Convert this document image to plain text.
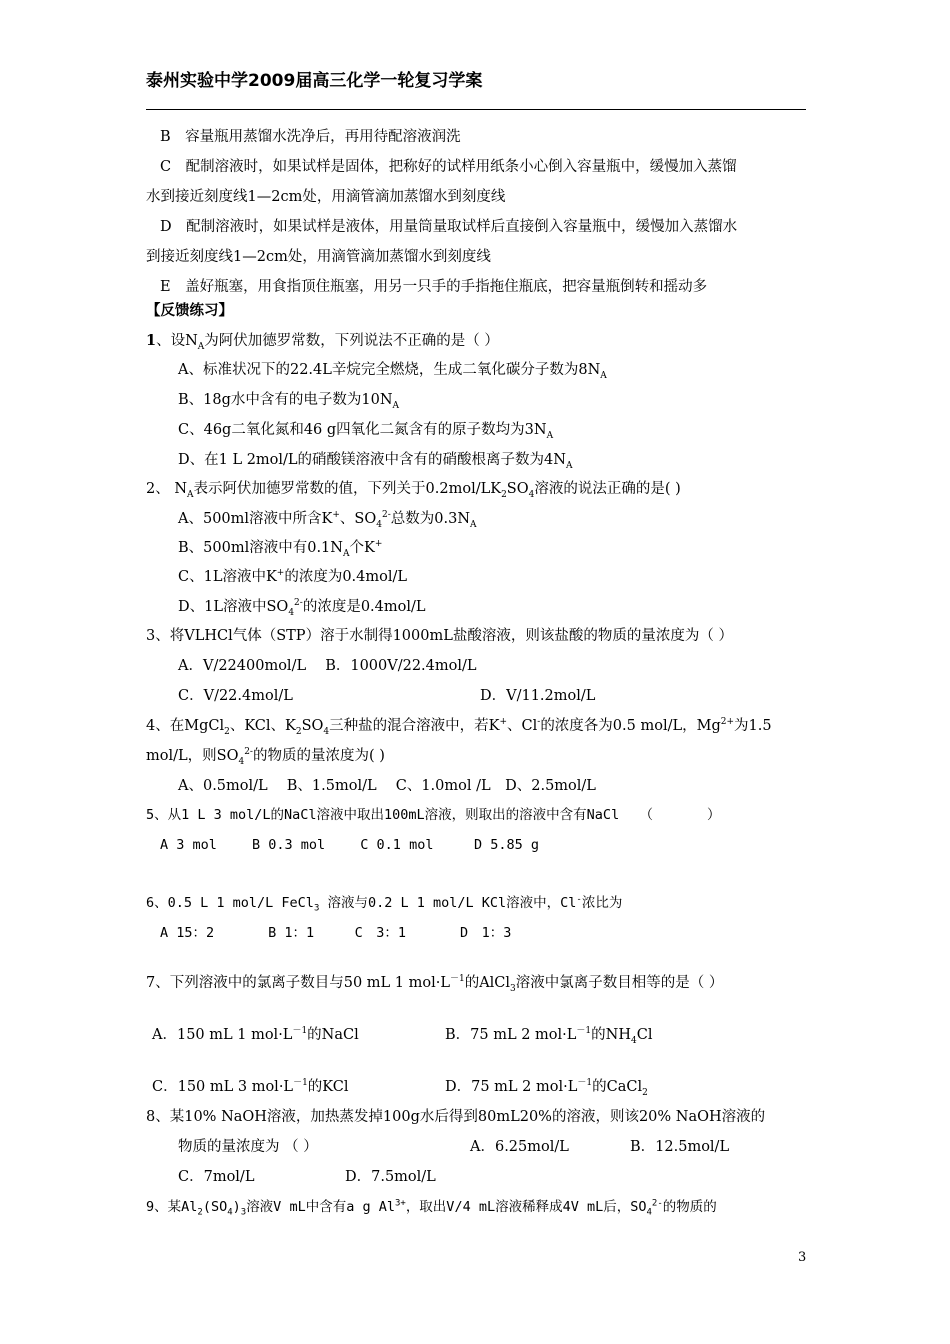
泰州实验中学2009届高三化学一轮复习学案
B　容量瓶用蒸馏水洗净后，再用待配溶液润洗
C　配制溶液时，如果试样是固体，把称好的试样用纸条小心倒入容量瓶中，缓慢加入蒸馏
水到接近刻度线1—2cm处，用滴管滴加蒸馏水到刻度线
D　配制溶液时，如果试样是液体，用量筒量取试样后直接倒入容量瓶中，缓慢加入蒸馏水
到接近刻度线1—2cm处，用滴管滴加蒸馏水到刻度线
E　盖好瓶塞，用食指顶住瓶塞，用另一只手的手指拖住瓶底，把容量瓶倒转和摇动多
【反馈练习】
1、设$N_A$为阿伏加德罗常数，下列说法不正确的是（ ）
A、标准状况下的22.4L辛烷完全燃烧，生成二氧化碳分子数为$8N_A$
B、18g水中含有的电子数为$10N_A$
C、46g二氧化氮和46 g四氧化二氮含有的原子数均为$3N_A$
D、在1 L 2mol/L的硝酸镁溶液中含有的硝酸根离子数为$4N_A$
2、 $N_A$表示阿伏加德罗常数的值，下列关于$0.2mol/LK_2SO_4$溶液的说法正确的是( )
A、500ml溶液中所含K+、$SO_4^{2-}$总数为$0.3N_A$
B、500ml溶液中有$0.1N_A$个K+
C、1L溶液中K+的浓度为0.4mol/L
D、1L溶液中$SO_4^{2-}$的浓度是0.4mol/L
3、将VLHCl气体（STP）溶于水制得1000mL盐酸溶液，则该盐酸的物质的量浓度为（ ）
A．V/22400mol/L　 B．1000V/22.4mol/L
C．V/22.4mol/L	D．V/11.2mol/L
4、在MgCl$_2$、KCl、$K_2SO_4$三种盐的混合溶液中，若K+、Cl-的浓度各为0.5 mol/L，$Mg^{2+}$为1.5
mol/L，则$SO_4^{2-}$的物质的量浓度为( )
A、0.5mol/L　 B、1.5mol/L　 C、1.0mol /L　D、2.5mol/L
5、从1 L 3 mol/L的NaCl溶液中取出100mL溶液，则取出的溶液中含有NaCl　　（　　　　）
A 3 mol　　 B 0.3 mol　　 C 0.1 mol　　　D 5.85 g
6、0.5 L 1 mol/L FeCl$_3$ 溶液与0.2 L 1 mol/L KCl溶液中，Cl-浓比为
A 15：2　　　　B 1：1　　　C　3：1　　　　D　1：3
7、下列溶液中的氯离子数目与50 mL 1 $mol\cdot L^{-1}$的AlCl$_3$溶液中氯离子数目相等的是（ ）
A．150 mL 1 $mol\cdot L^{-1}$的NaCl	B．75 mL 2 $mol\cdot L^{-1}$的$NH_4Cl$
C．150 mL 3 $mol\cdot L^{-1}$的KCl	D．75 mL 2 $mol\cdot L^{-1}$的CaCl$_2$
8、某10% NaOH溶液，加热蒸发掉100g水后得到80mL20%的溶液，则该20% NaOH溶液的
物质的量浓度为 （ ）	A．6.25mol/L	B．12.5mol/L
C．7mol/L	D．7.5mol/L
9、某$Al_2(SO_4)_3$溶液V mL中含有a g $Al^{3+}$，取出V/4 mL溶液稀释成4V mL后，$SO_4^{2-}$的物质的
3
